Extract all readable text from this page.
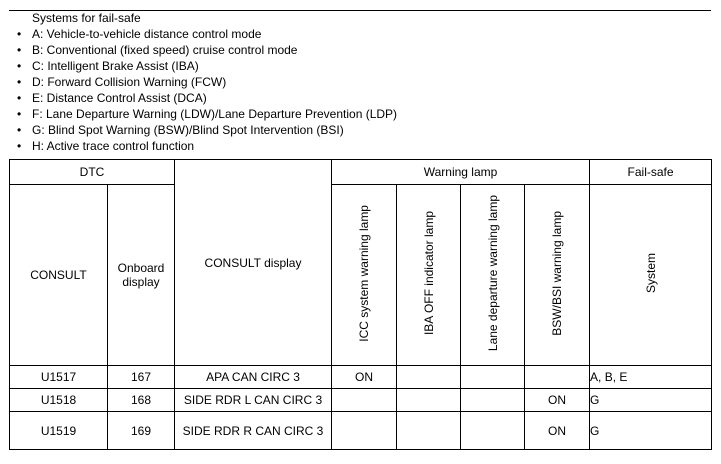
Systems for fail-safe
• A: Vehicle-to-vehicle distance control mode
• B: Conventional (fixed speed) cruise control mode
• C: Intelligent Brake Assist (IBA)
• D: Forward Collision Warning (FCW)
• E: Distance Control Assist (DCA)
• F: Lane Departure Warning (LDW)/Lane Departure Prevention (LDP)
• G: Blind Spot Warning (BSW)/Blind Spot Intervention (BSI)
• H: Active trace control function
DTC		CONSULT display	Warning lamp				Fail-safe
CONSULT	Onboard display		ICC system warning lamp	IBA OFF indicator lamp	Lane departure warning lamp	BSW/BSI warning lamp	System
U1517	167	APA CAN CIRC 3	ON				A, B, E
U1518	168	SIDE RDR L CAN CIRC 3				ON	G
U1519	169	SIDE RDR R CAN CIRC 3				ON	G
